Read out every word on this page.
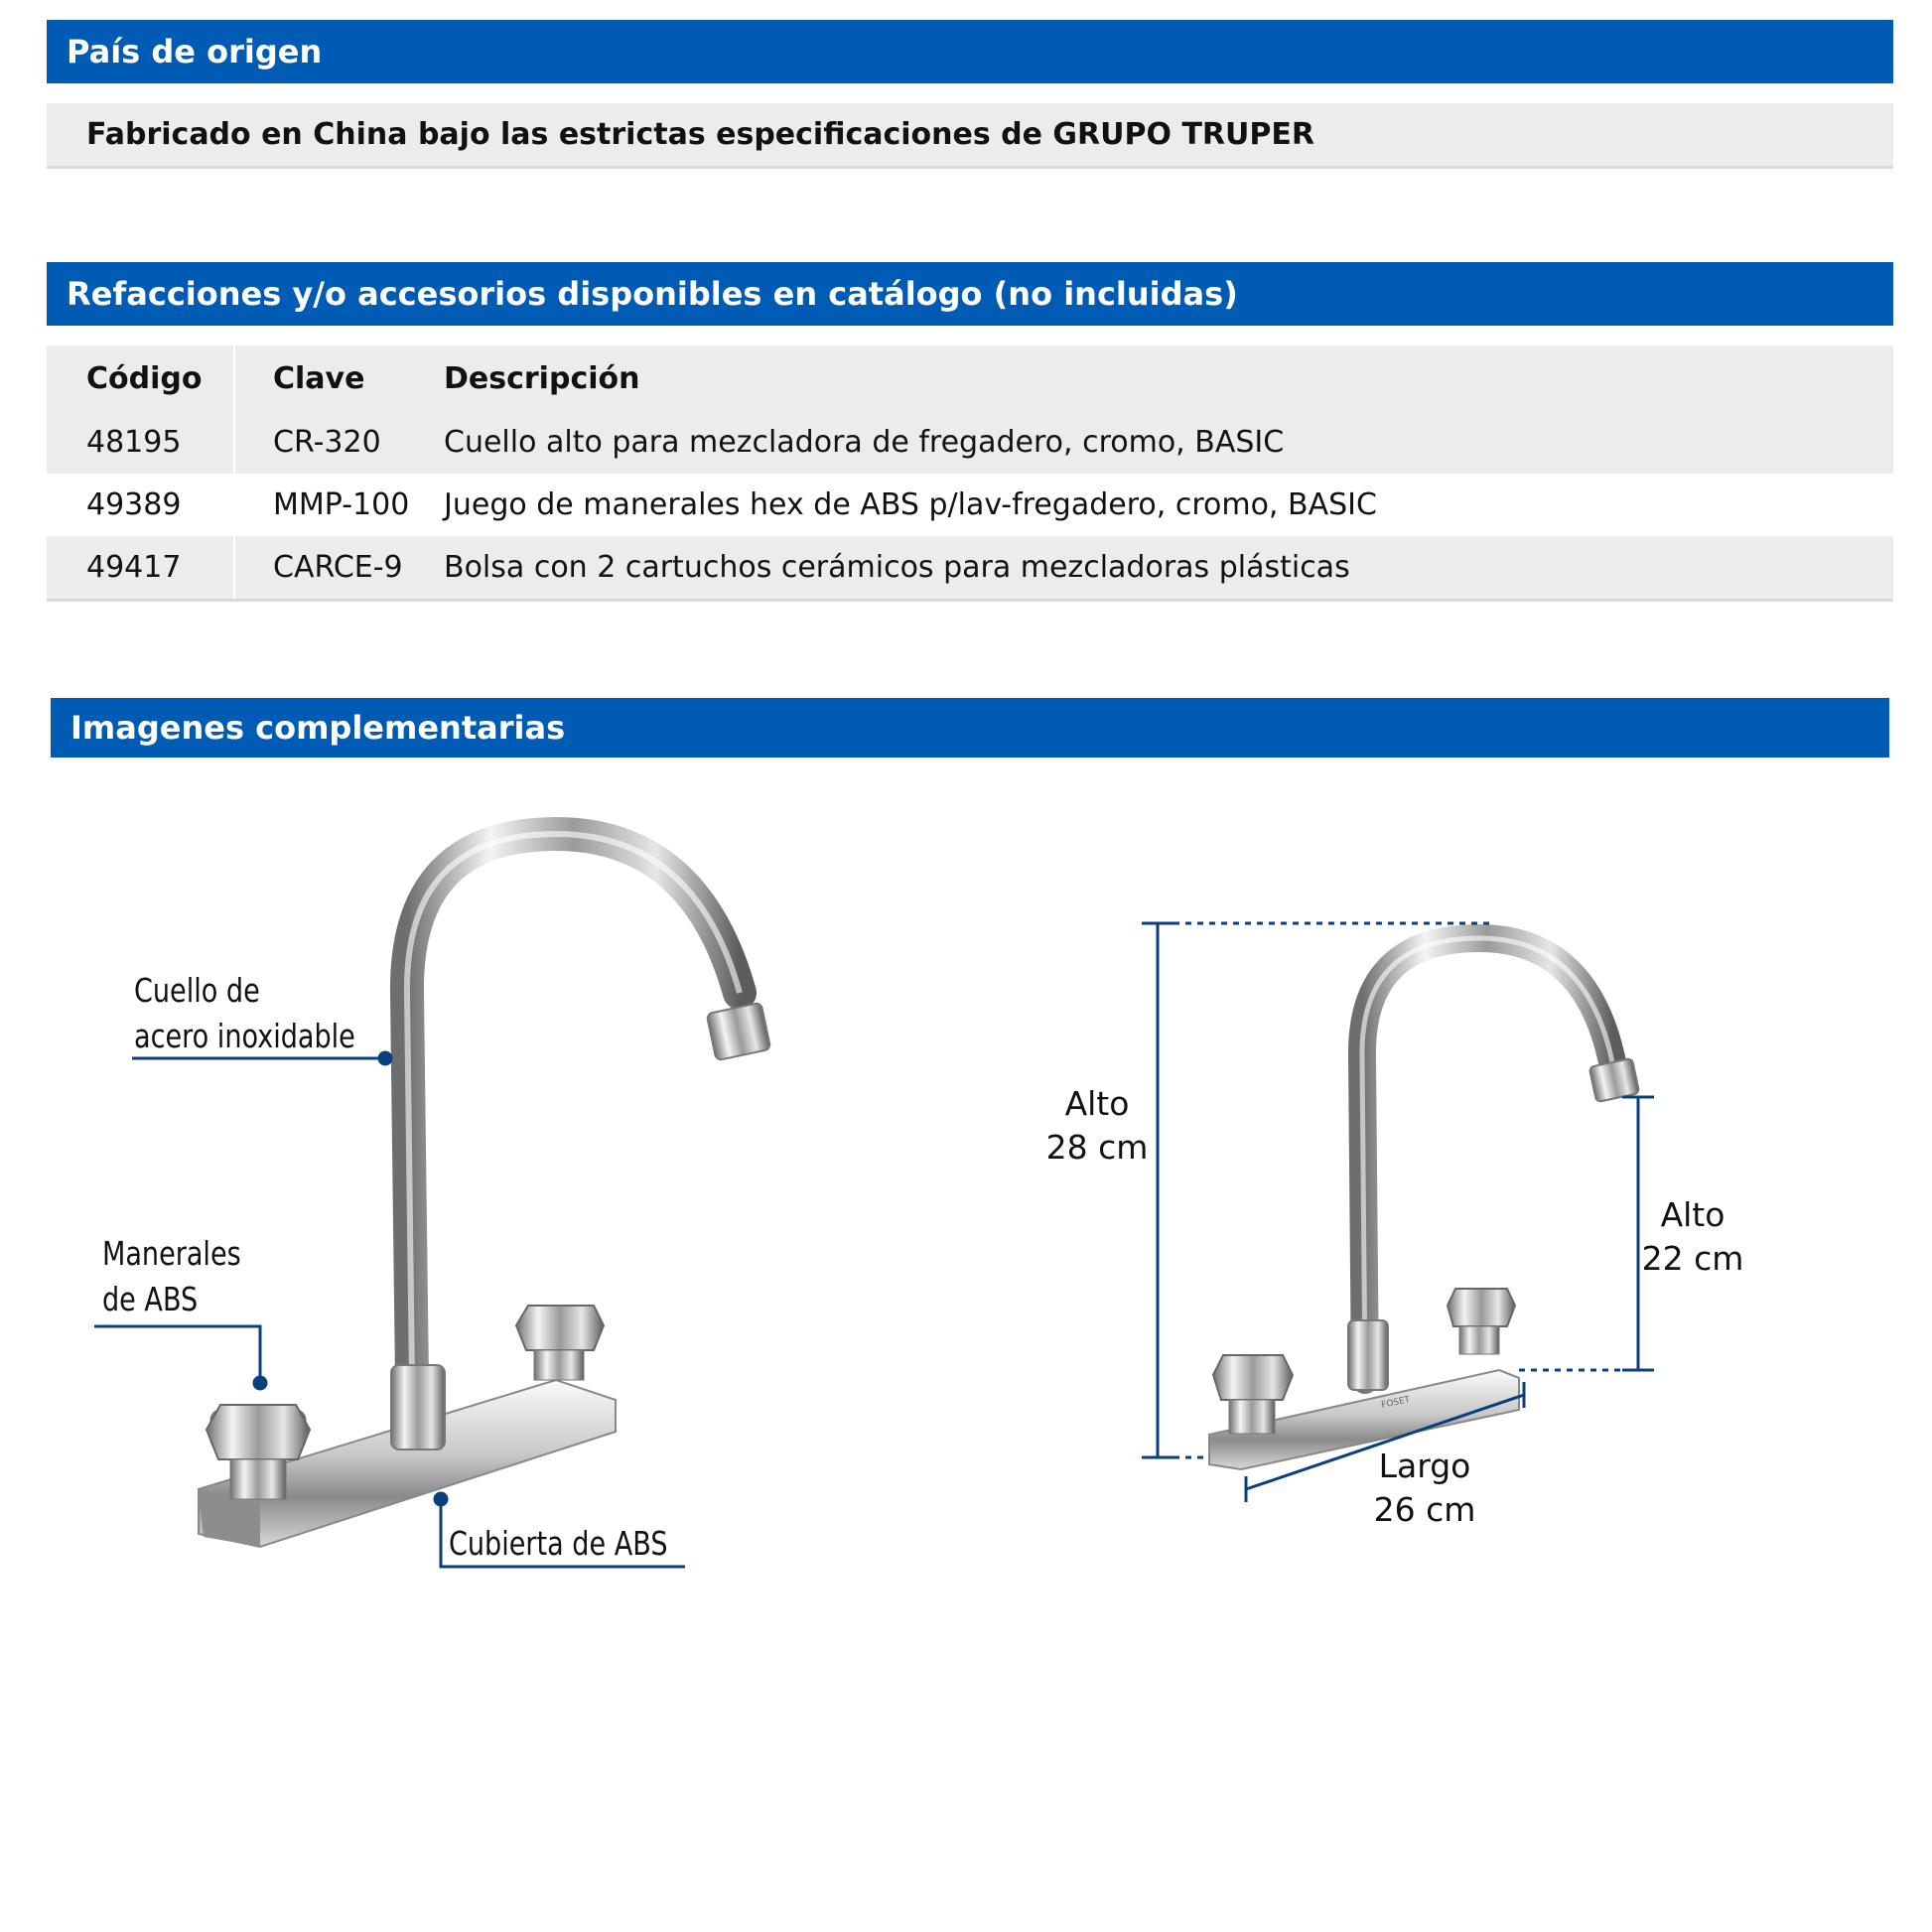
País de origen
Fabricado en China bajo las estrictas especificaciones de GRUPO TRUPER
Refacciones y/o accesorios disponibles en catálogo (no incluidas)
Código	Clave	Descripción
48195	CR-320	Cuello alto para mezcladora de fregadero, cromo, BASIC
49389	MMP-100	Juego de manerales hex de ABS p/lav-fregadero, cromo, BASIC
49417	CARCE-9	Bolsa con 2 cartuchos cerámicos para mezcladoras plásticas
Imagenes complementarias
FOSET
Cuello de
acero inoxidable
Manerales
de ABS
Cubierta de ABS
Alto
28 cm
Alto
22 cm
Largo
26 cm
